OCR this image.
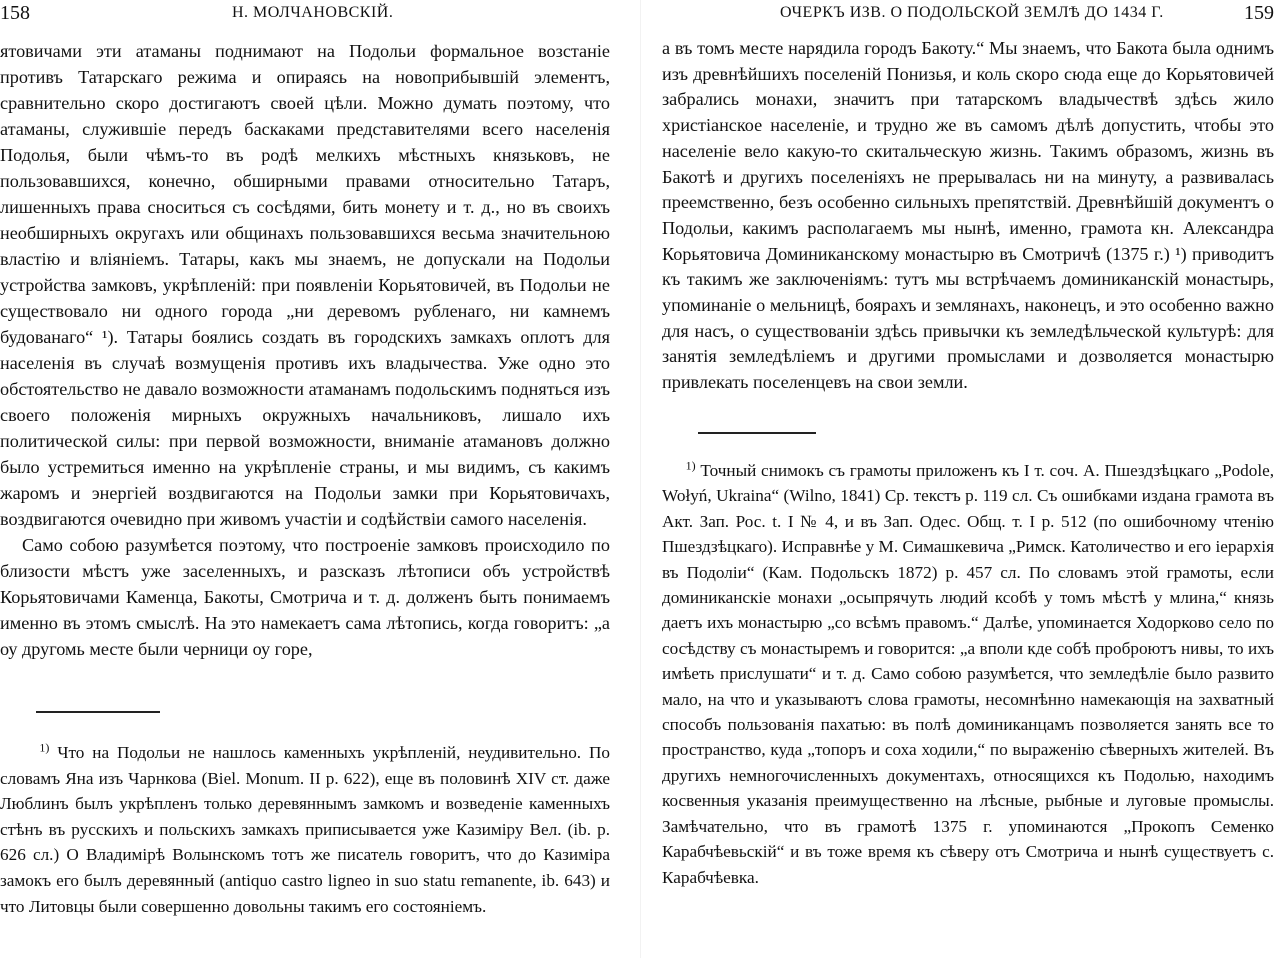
158	Н. МОЛЧАНОВСКІЙ.

ятовичами эти атаманы поднимают на Подольи формальное возстаніе противъ Татарскаго режима и опираясь на новоприбывшій элементъ, сравнительно скоро достигаютъ своей цѣли. Можно думать поэтому, что атаманы, служившіе передъ баскаками представителями всего населенія Подолья, были чѣмъ-то въ родѣ мелкихъ мѣстныхъ князьковъ, не пользовавшихся, конечно, обширными правами относительно Татаръ, лишенныхъ права сноситься съ сосѣдями, бить монету и т. д., но въ своихъ необширныхъ округахъ или общинахъ пользовавшихся весьма значительною властію и вліяніемъ. Татары, какъ мы знаемъ, не допускали на Подольи устройства замковъ, укрѣпленій: при появленіи Корьятовичей, въ Подольи не существовало ни одного города „ни деревомъ рубленаго, ни камнемъ будованаго“ ¹). Татары боялись создать въ городскихъ замкахъ оплотъ для населенія въ случаѣ возмущенія противъ ихъ владычества. Уже одно это обстоятельство не давало возможности атаманамъ подольскимъ подняться изъ своего положенія мирныхъ окружныхъ начальниковъ, лишало ихъ политической силы: при первой возможности, вниманіе атамановъ должно было устремиться именно на укрѣпленіе страны, и мы видимъ, съ какимъ жаромъ и энергіей воздвигаются на Подольи замки при Корьятовичахъ, воздвигаются очевидно при живомъ участіи и содѣйствіи самого населенія.

Само собою разумѣется поэтому, что построеніе замковъ происходило по близости мѣстъ уже заселенныхъ, и разсказъ лѣтописи объ устройствѣ Корьятовичами Каменца, Бакоты, Смотрича и т. д. долженъ быть понимаемъ именно въ этомъ смыслѣ. На это намекаетъ сама лѣтопись, когда говоритъ: „а оу другомь месте были черници оу горе,

$^{1)}$ Что на Подольи не нашлось каменныхъ укрѣпленій, неудивительно. По словамъ Яна изъ Чарнкова (Biel. Monum. II p. 622), еще въ половинѣ XIV ст. даже Люблинъ былъ укрѣпленъ только деревяннымъ замкомъ и возведеніе каменныхъ стѣнъ въ русскихъ и польскихъ замкахъ приписывается уже Казиміру Вел. (ib. p. 626 сл.) О Владимірѣ Волынскомъ тотъ же писатель говоритъ, что до Казиміра замокъ его былъ деревянный (antiquo castro ligneo in suo statu remanente, ib. 643) и что Литовцы были совершенно довольны такимъ его состояніемъ.

ОЧЕРКЪ ИЗВ. О ПОДОЛЬСКОЙ ЗЕМЛѢ ДО 1434 Г.	159

а въ томъ месте нарядила городъ Бакоту.“ Мы знаемъ, что Бакота была однимъ изъ древнѣйшихъ поселеній Понизья, и коль скоро сюда еще до Корьятовичей забрались монахи, значитъ при татарскомъ владычествѣ здѣсь жило христіанское населеніе, и трудно же въ самомъ дѣлѣ допустить, чтобы это населеніе вело какую-то скитальческую жизнь. Такимъ образомъ, жизнь въ Бакотѣ и другихъ поселеніяхъ не прерывалась ни на минуту, а развивалась преемственно, безъ особенно сильныхъ препятствій. Древнѣйшій документъ о Подольи, какимъ располагаемъ мы нынѣ, именно, грамота кн. Александра Корьятовича Доминиканскому монастырю въ Смотричѣ (1375 г.) ¹) приводитъ къ такимъ же заключеніямъ: тутъ мы встрѣчаемъ доминиканскій монастырь, упоминаніе о мельницѣ, боярахъ и землянахъ, наконецъ, и это особенно важно для насъ, о существованіи здѣсь привычки къ земледѣльческой культурѣ: для занятія земледѣліемъ и другими промыслами и дозволяется монастырю привлекать поселенцевъ на свои земли.

$^{1)}$ Точный снимокъ съ грамоты приложенъ къ I т. соч. А. Пшездзѣцкаго „Podole, Wołyń, Ukraina“ (Wilno, 1841) Ср. текстъ p. 119 сл. Съ ошибками издана грамота въ Акт. Зап. Рос. t. I № 4, и въ Зап. Одес. Общ. т. I p. 512 (по ошибочному чтенію Пшездзѣцкаго). Исправнѣе у М. Симашкевича „Римск. Католичество и его іерархія въ Подоліи“ (Кам. Подольскъ 1872) p. 457 сл. По словамъ этой грамоты, если доминиканскіе монахи „осыпрячуть людий ксобѣ у томъ мѣстѣ у млина,“ князь даетъ ихъ монастырю „со всѣмъ правомъ.“ Далѣе, упоминается Ходорково село по сосѣдству съ монастыремъ и говорится: „а вполи кде собѣ проброютъ нивы, то ихъ имѣеть прислушати“ и т. д. Само собою разумѣется, что земледѣліе было развито мало, на что и указываютъ слова грамоты, несомнѣнно намекающія на захватный способъ пользованія пахатью: въ полѣ доминиканцамъ позволяется занять все то пространство, куда „топоръ и соха ходили,“ по выраженію сѣверныхъ жителей. Въ другихъ немногочисленныхъ документахъ, относящихся къ Подолью, находимъ косвенныя указанія преимущественно на лѣсные, рыбные и луговые промыслы. Замѣчательно, что въ грамотѣ 1375 г. упоминаются „Прокопъ Семенко Карабчѣевьскій“ и въ тоже время къ сѣверу отъ Смотрича и нынѣ существуетъ с. Карабчѣевка.
